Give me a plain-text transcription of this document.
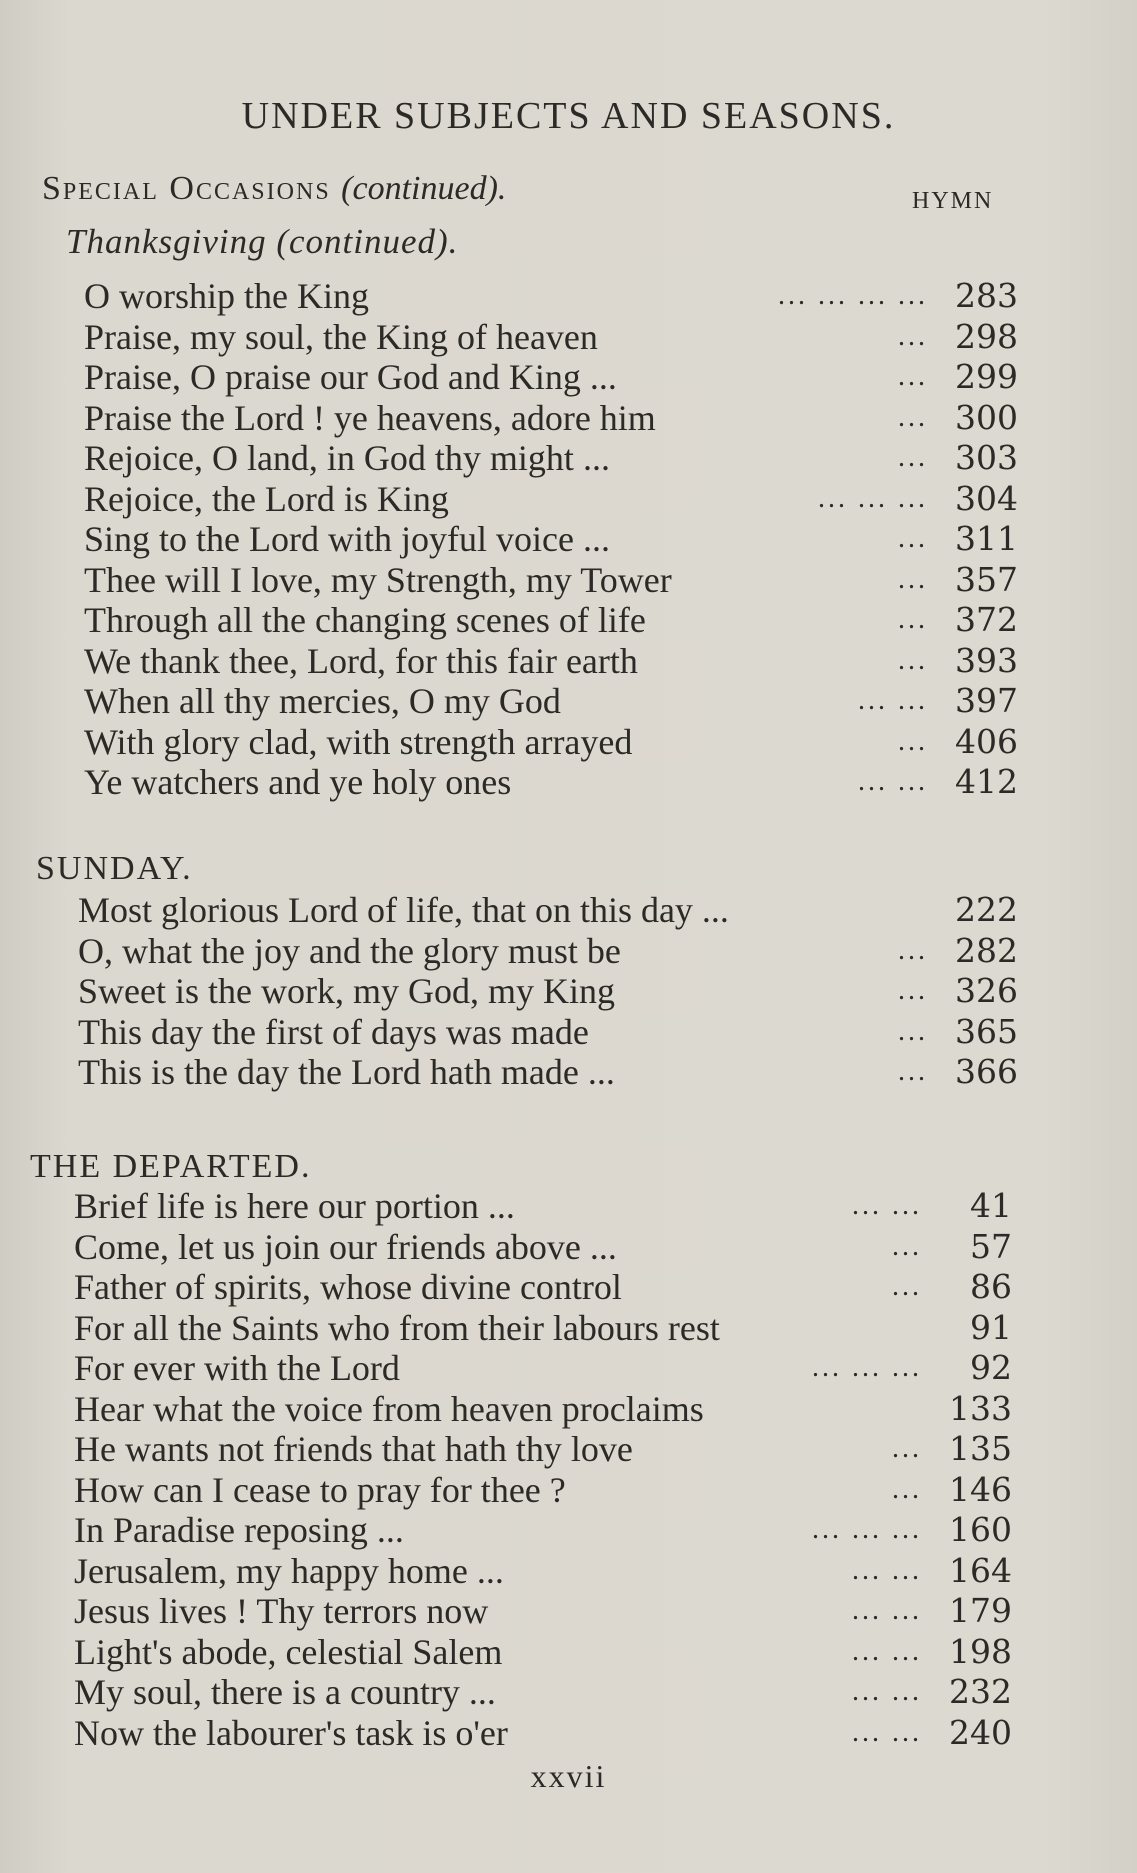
UNDER SUBJECTS AND SEASONS.
Special Occasions (continued).	HYMN
Thanksgiving (continued).
O worship the King	... ... ... ... 283
Praise, my soul, the King of heaven	... 298
Praise, O praise our God and King ...	... 299
Praise the Lord ! ye heavens, adore him	... 300
Rejoice, O land, in God thy might ...	... 303
Rejoice, the Lord is King	... ... ... 304
Sing to the Lord with joyful voice ...	... 311
Thee will I love, my Strength, my Tower	... 357
Through all the changing scenes of life	... 372
We thank thee, Lord, for this fair earth	... 393
When all thy mercies, O my God	... ... 397
With glory clad, with strength arrayed	... 406
Ye watchers and ye holy ones	... ... 412
SUNDAY.
Most glorious Lord of life, that on this day ...	222
O, what the joy and the glory must be	... 282
Sweet is the work, my God, my King	... 326
This day the first of days was made	... 365
This is the day the Lord hath made ...	... 366
THE DEPARTED.
Brief life is here our portion ...	... ... 41
Come, let us join our friends above ...	... 57
Father of spirits, whose divine control	... 86
For all the Saints who from their labours rest	91
For ever with the Lord	... ... ... 92
Hear what the voice from heaven proclaims	133
He wants not friends that hath thy love	... 135
How can I cease to pray for thee ?	... 146
In Paradise reposing ...	... ... ... 160
Jerusalem, my happy home ...	... ... 164
Jesus lives ! Thy terrors now	... ... 179
Light's abode, celestial Salem	... ... 198
My soul, there is a country ...	... ... 232
Now the labourer's task is o'er	... ... 240
xxvii
